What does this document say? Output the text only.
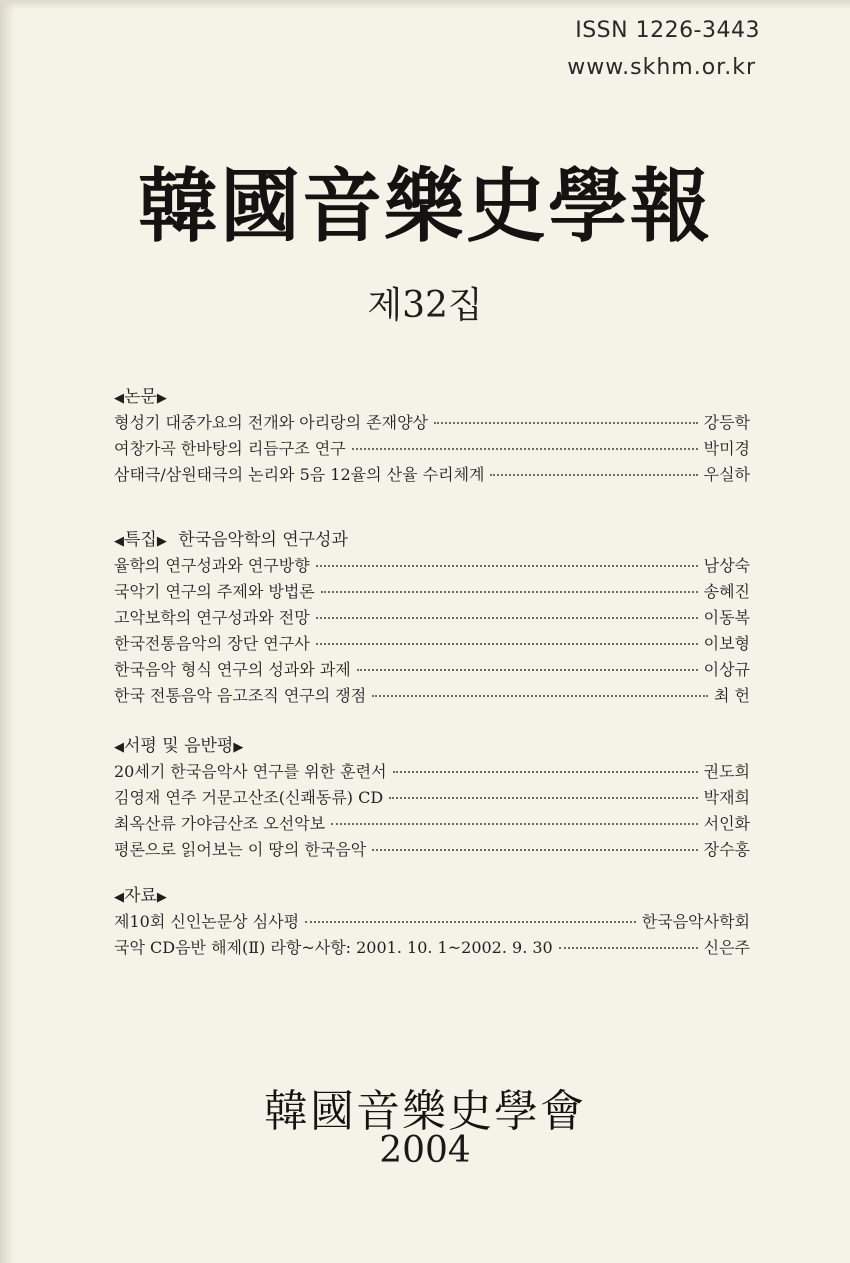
ISSN 1226-3443
www.skhm.or.kr
韓國音樂史學報
제32집
◀논문▶
형성기 대중가요의 전개와 아리랑의 존재양상	강등학
여창가곡 한바탕의 리듬구조 연구	박미경
삼태극/삼원태극의 논리와 5음 12율의 산율 수리체계	우실하
◀특집▶ 한국음악학의 연구성과
율학의 연구성과와 연구방향	남상숙
국악기 연구의 주제와 방법론	송혜진
고악보학의 연구성과와 전망	이동복
한국전통음악의 장단 연구사	이보형
한국음악 형식 연구의 성과와 과제	이상규
한국 전통음악 음고조직 연구의 쟁점	최 헌
◀서평 및 음반평▶
20세기 한국음악사 연구를 위한 훈련서	권도희
김영재 연주 거문고산조(신쾌동류) CD	박재희
최옥산류 가야금산조 오선악보	서인화
평론으로 읽어보는 이 땅의 한국음악	장수홍
◀자료▶
제10회 신인논문상 심사평	한국음악사학회
국악 CD음반 해제(Ⅱ) 라항~사항: 2001. 10. 1~2002. 9. 30	신은주
韓國音樂史學會
2004
